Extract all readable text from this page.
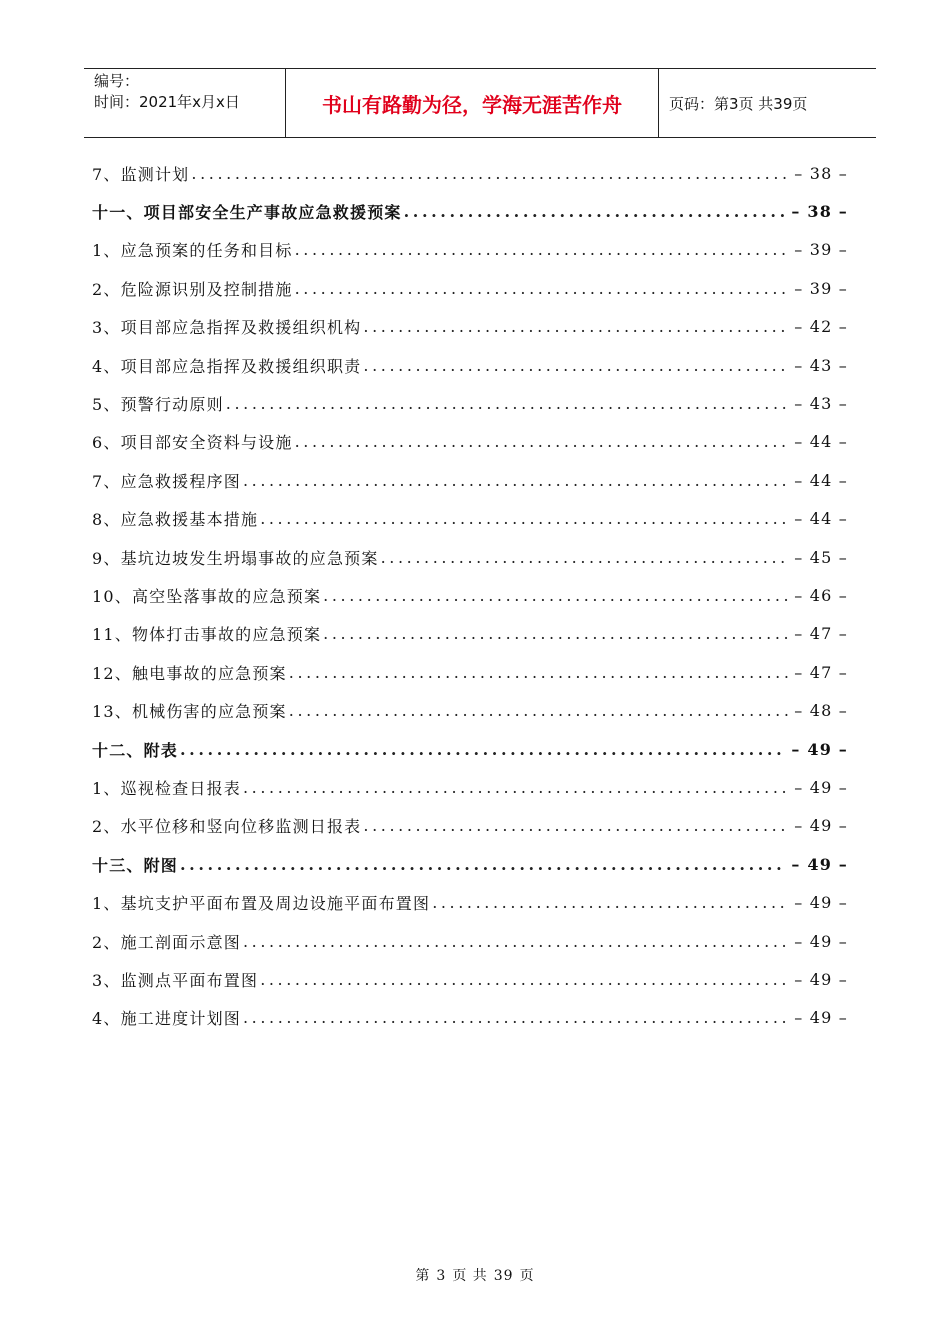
编号：
时间：2021年x月x日	书山有路勤为径，学海无涯苦作舟	页码：第3页 共39页
7、监测计划 .....	– 38 –
十一、项目部安全生产事故应急救援预案 .....	– 38 –
1、应急预案的任务和目标 .....	– 39 –
2、危险源识别及控制措施 .....	– 39 –
3、项目部应急指挥及救援组织机构 .....	– 42 –
4、项目部应急指挥及救援组织职责 .....	– 43 –
5、预警行动原则 .....	– 43 –
6、项目部安全资料与设施 .....	– 44 –
7、应急救援程序图 .....	– 44 –
8、应急救援基本措施 .....	– 44 –
9、基坑边坡发生坍塌事故的应急预案 .....	– 45 –
10、高空坠落事故的应急预案 .....	– 46 –
11、物体打击事故的应急预案 .....	– 47 –
12、触电事故的应急预案 .....	– 47 –
13、机械伤害的应急预案 .....	– 48 –
十二、附表 .....	– 49 –
1、巡视检查日报表 .....	– 49 –
2、水平位移和竖向位移监测日报表 .....	– 49 –
十三、附图 .....	– 49 –
1、基坑支护平面布置及周边设施平面布置图 .....	– 49 –
2、施工剖面示意图 .....	– 49 –
3、监测点平面布置图 .....	– 49 –
4、施工进度计划图 .....	– 49 –
第 3 页 共 39 页
